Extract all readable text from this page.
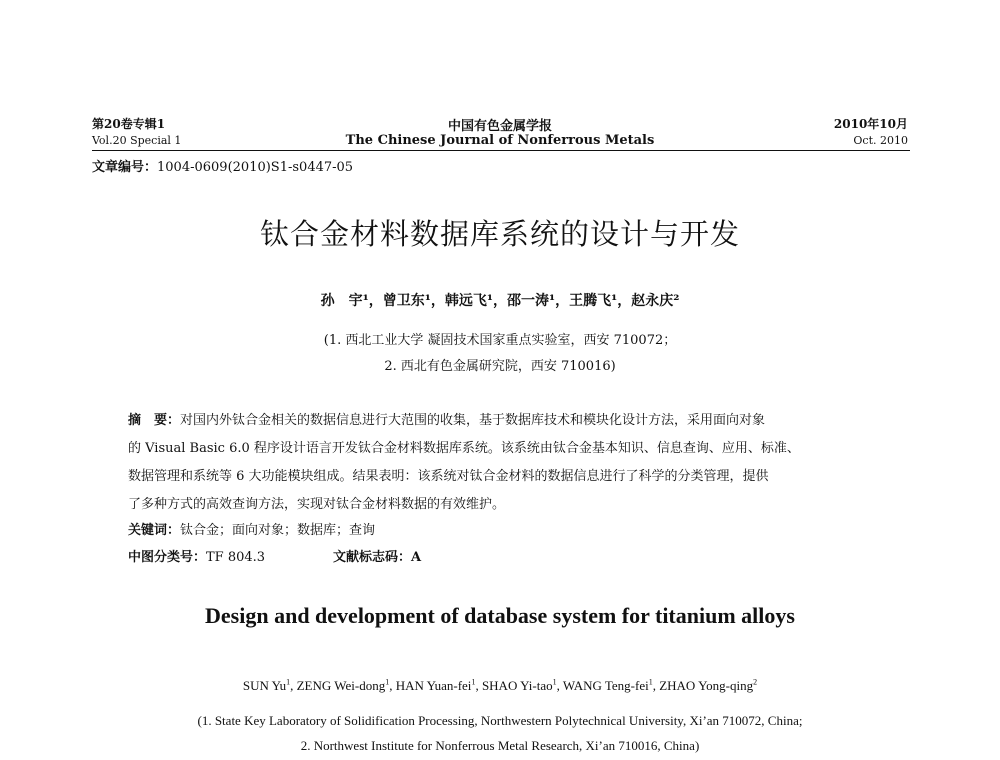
第20卷专辑1	中国有色金属学报	2010年10月
Vol.20 Special 1	The Chinese Journal of Nonferrous Metals	Oct. 2010
文章编号：1004-0609(2010)S1-s0447-05
钛合金材料数据库系统的设计与开发
孙　宇¹，曾卫东¹，韩远飞¹，邵一涛¹，王腾飞¹，赵永庆²
(1. 西北工业大学 凝固技术国家重点实验室，西安 710072；
2. 西北有色金属研究院，西安 710016)
摘　要：对国内外钛合金相关的数据信息进行大范围的收集，基于数据库技术和模块化设计方法，采用面向对象
的 Visual Basic 6.0 程序设计语言开发钛合金材料数据库系统。该系统由钛合金基本知识、信息查询、应用、标准、
数据管理和系统等 6 大功能模块组成。结果表明：该系统对钛合金材料的数据信息进行了科学的分类管理，提供
了多种方式的高效查询方法，实现对钛合金材料数据的有效维护。
关键词：钛合金；面向对象；数据库；查询
中图分类号：TF 804.3	文献标志码：A
Design and development of database system for titanium alloys
SUN Yu$^1$, ZENG Wei-dong$^1$, HAN Yuan-fei$^1$, SHAO Yi-tao$^1$, WANG Teng-fei$^1$, ZHAO Yong-qing$^2$
(1. State Key Laboratory of Solidification Processing, Northwestern Polytechnical University, Xi’an 710072, China;
2. Northwest Institute for Nonferrous Metal Research, Xi’an 710016, China)
